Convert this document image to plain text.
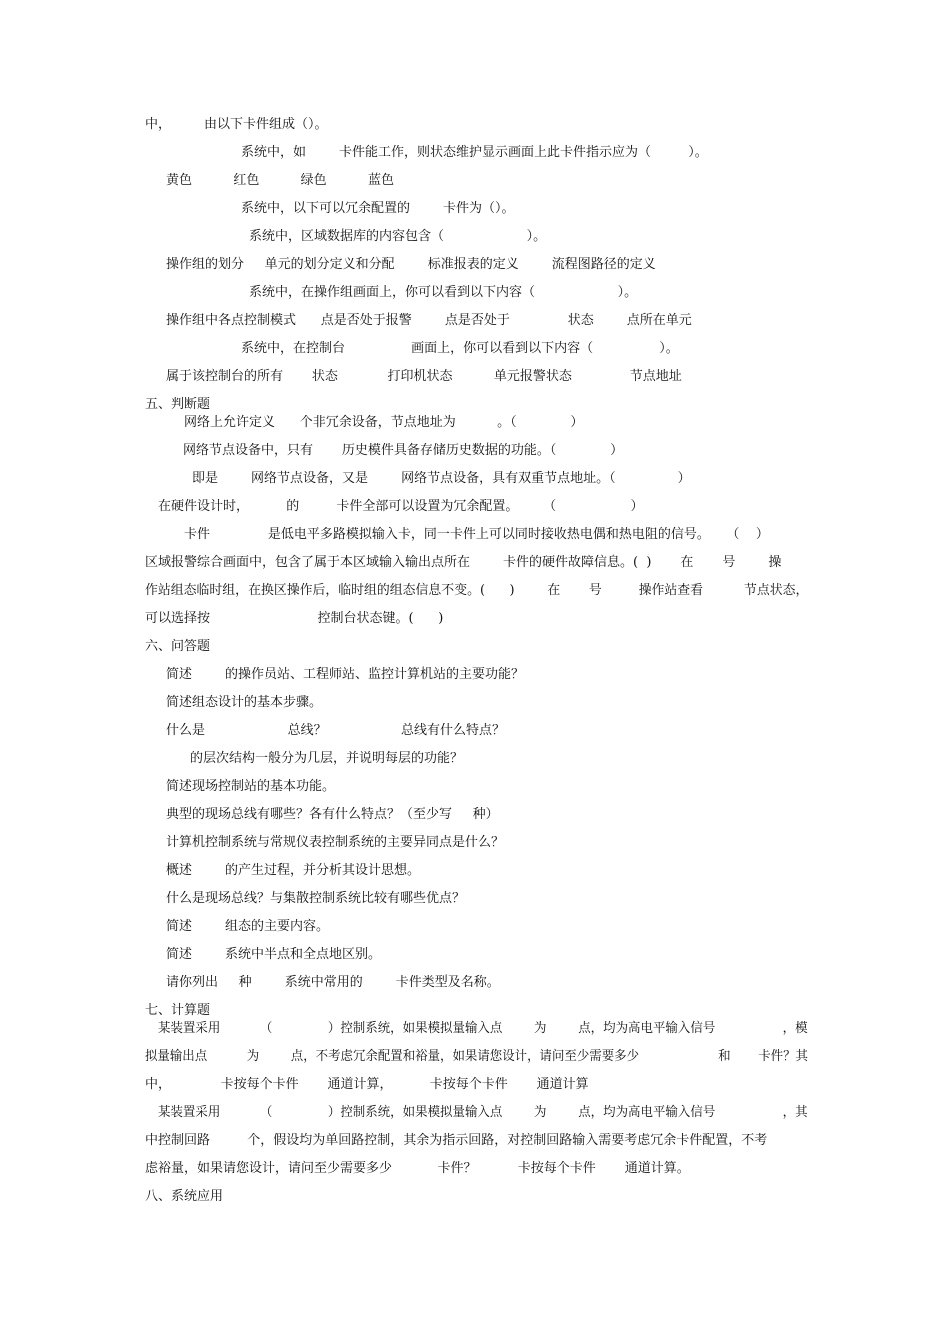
中，        由以下卡件组成（）。

系统中，如        卡件能工作，则状态维护显示画面上此卡件指示应为（         ）。

黄色          红色          绿色          蓝色

系统中，以下可以冗余配置的        卡件为（）。

系统中，区域数据库的内容包含（                    ）。

操作组的划分     单元的划分定义和分配        标准报表的定义        流程图路径的定义

系统中，在操作组画面上，你可以看到以下内容（                    ）。

操作组中各点控制模式      点是否处于报警        点是否处于              状态        点所在单元

系统中，在控制台                画面上，你可以看到以下内容（                ）。

属于该控制台的所有       状态            打印机状态          单元报警状态              节点地址

五、判断题

网络上允许定义      个非冗余设备，节点地址为          。（             ）

网络节点设备中，只有       历史模件具备存储历史数据的功能。（             ）

即是        网络节点设备，又是        网络节点设备，具有双重节点地址。（               ）

在硬件设计时，         的         卡件全部可以设置为冗余配置。      （                  ）

卡件              是低电平多路模拟输入卡，同一卡件上可以同时接收热电偶和热电阻的信号。    （    ）

区域报警综合画面中，包含了属于本区域输入输出点所在        卡件的硬件故障信息。(  )       在       号        操

作站组态临时组，在换区操作后，临时组的组态信息不变。(      )        在       号         操作站查看          节点状态，

可以选择按                          控制台状态键。(      )

六、问答题

简述        的操作员站、工程师站、监控计算机站的主要功能？

简述组态设计的基本步骤。

什么是                    总线？                  总线有什么特点？

的层次结构一般分为几层，并说明每层的功能？

简述现场控制站的基本功能。

典型的现场总线有哪些？各有什么特点？（至少写     种）

计算机控制系统与常规仪表控制系统的主要异同点是什么？

概述        的产生过程，并分析其设计思想。

什么是现场总线？与集散控制系统比较有哪些优点？

简述        组态的主要内容。

简述        系统中半点和全点地区别。

请你列出     种        系统中常用的        卡件类型及名称。

七、计算题

某装置采用          （              ）控制系统，如果模拟量输入点        为        点，均为高电平输入信号                 ，模

拟量输出点          为        点，不考虑冗余配置和裕量，如果请您设计，请问至少需要多少                    和       卡件？其

中，            卡按每个卡件       通道计算，         卡按每个卡件       通道计算

某装置采用          （              ）控制系统，如果模拟量输入点        为        点，均为高电平输入信号                 ，其

中控制回路         个，假设均为单回路控制，其余为指示回路，对控制回路输入需要考虑冗余卡件配置，不考

虑裕量，如果请您设计，请问至少需要多少           卡件？          卡按每个卡件       通道计算。

八、系统应用
